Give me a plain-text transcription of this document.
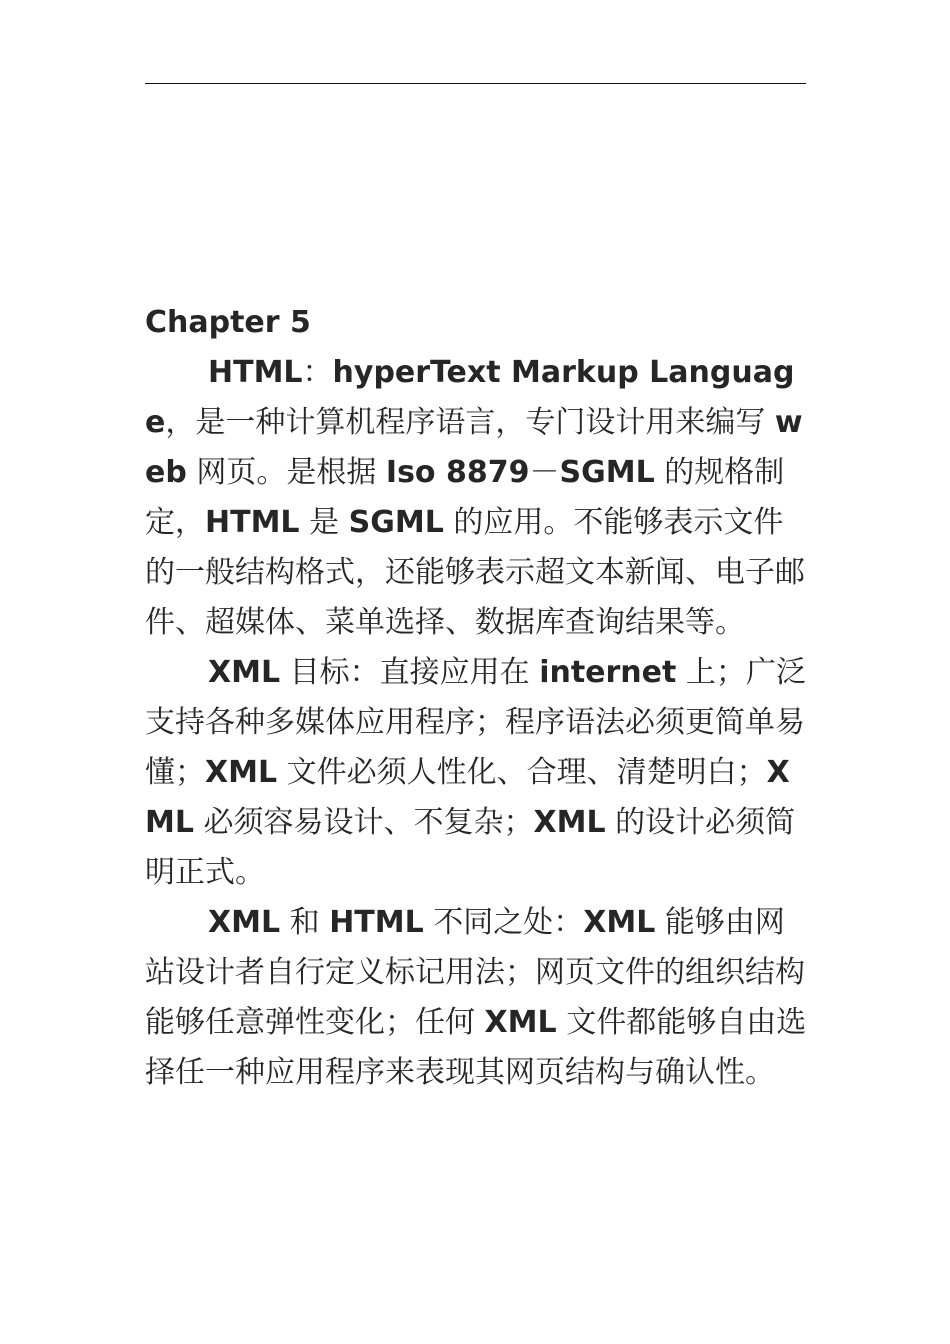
Chapter 5

HTML：hyperText Markup Language，是一种计算机程序语言，专门设计用来编写 web 网页。是根据 Iso 8879－SGML 的规格制定，HTML 是 SGML 的应用。不能够表示文件的一般结构格式，还能够表示超文本新闻、电子邮件、超媒体、菜单选择、数据库查询结果等。

XML 目标：直接应用在 internet 上；广泛支持各种多媒体应用程序；程序语法必须更简单易懂；XML 文件必须人性化、合理、清楚明白；XML 必须容易设计、不复杂；XML 的设计必须简明正式。

XML 和 HTML 不同之处：XML 能够由网站设计者自行定义标记用法；网页文件的组织结构能够任意弹性变化；任何 XML 文件都能够自由选择任一种应用程序来表现其网页结构与确认性。
